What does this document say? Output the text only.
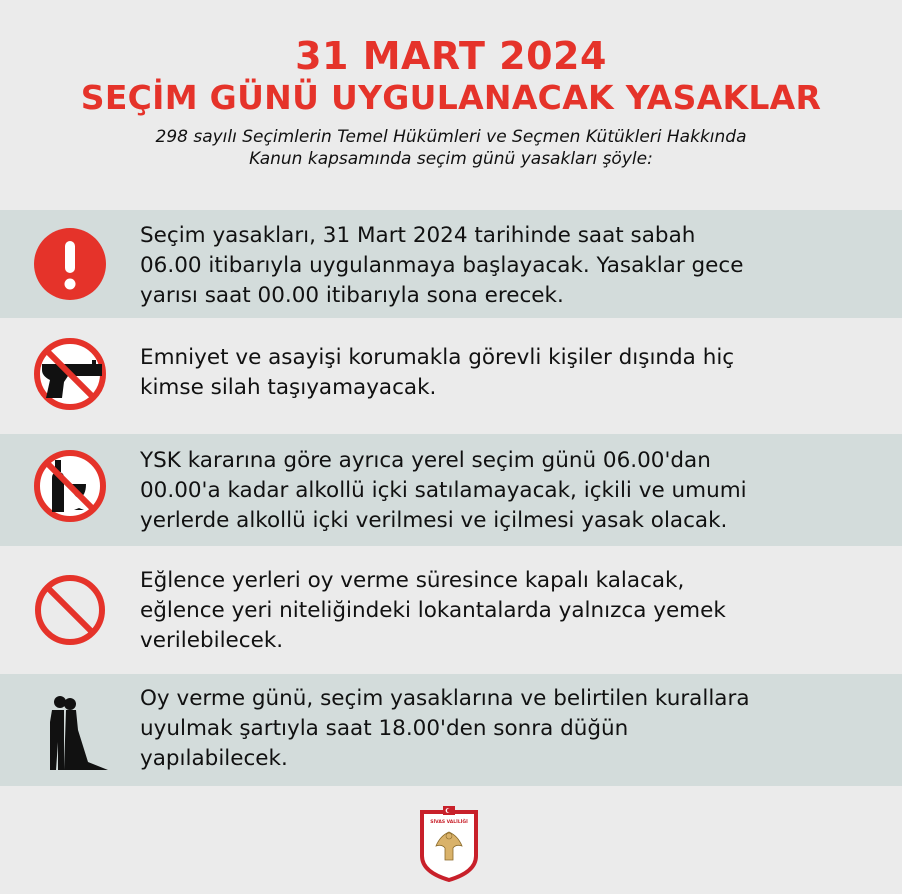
31 MART 2024
SEÇİM GÜNÜ UYGULANACAK YASAKLAR
298 sayılı Seçimlerin Temel Hükümleri ve Seçmen Kütükleri Hakkında
Kanun kapsamında seçim günü yasakları şöyle:
Seçim yasakları, 31 Mart 2024 tarihinde saat sabah
06.00 itibarıyla uygulanmaya başlayacak. Yasaklar gece
yarısı saat 00.00 itibarıyla sona erecek.
Emniyet ve asayişi korumakla görevli kişiler dışında hiç
kimse silah taşıyamayacak.
YSK kararına göre ayrıca yerel seçim günü 06.00'dan
00.00'a kadar alkollü içki satılamayacak, içkili ve umumi
yerlerde alkollü içki verilmesi ve içilmesi yasak olacak.
Eğlence yerleri oy verme süresince kapalı kalacak,
eğlence yeri niteliğindeki lokantalarda yalnızca yemek
verilebilecek.
Oy verme günü, seçim yasaklarına ve belirtilen kurallara
uyulmak şartıyla saat 18.00'den sonra düğün
yapılabilecek.
SİVAS VALİLİĞİ
